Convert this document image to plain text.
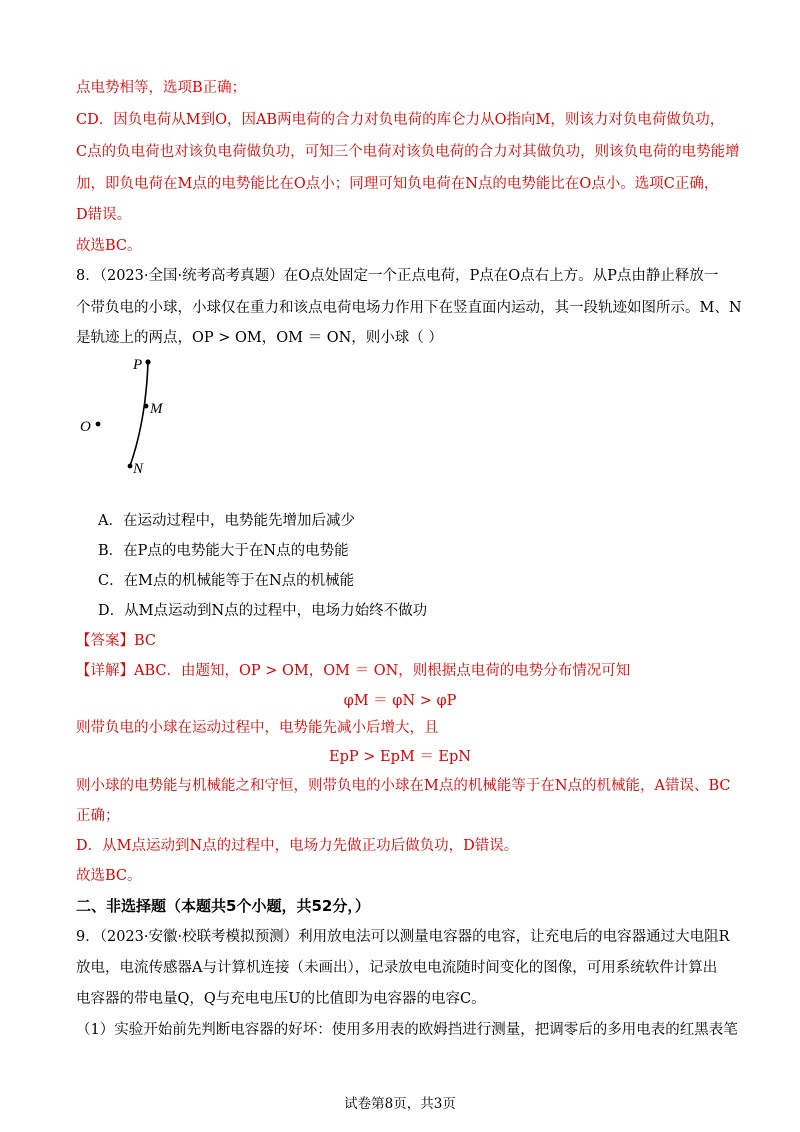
点电势相等，选项B正确；
CD．因负电荷从M到O，因AB两电荷的合力对负电荷的库仑力从O指向M，则该力对负电荷做负功，
C点的负电荷也对该负电荷做负功，可知三个电荷对该负电荷的合力对其做负功，则该负电荷的电势能增
加，即负电荷在M点的电势能比在O点小；同理可知负电荷在N点的电势能比在O点小。选项C正确，
D错误。
故选BC。
8．（2023·全国·统考高考真题）在O点处固定一个正点电荷，P点在O点右上方。从P点由静止释放一
个带负电的小球，小球仅在重力和该点电荷电场力作用下在竖直面内运动，其一段轨迹如图所示。M、N
是轨迹上的两点，OP > OM，OM ＝ ON，则小球（ ）
A．在运动过程中，电势能先增加后减少
B．在P点的电势能大于在N点的电势能
C．在M点的机械能等于在N点的机械能
D．从M点运动到N点的过程中，电场力始终不做功
【答案】BC
【详解】ABC．由题知，OP > OM，OM ＝ ON，则根据点电荷的电势分布情况可知
φM ＝ φN > φP
则带负电的小球在运动过程中，电势能先减小后增大，且
EpP > EpM ＝ EpN
则小球的电势能与机械能之和守恒，则带负电的小球在M点的机械能等于在N点的机械能，A错误、BC
正确；
D．从M点运动到N点的过程中，电场力先做正功后做负功，D错误。
故选BC。
二、非选择题（本题共5个小题，共52分，）
9．（2023·安徽·校联考模拟预测）利用放电法可以测量电容器的电容，让充电后的电容器通过大电阻R
放电，电流传感器A与计算机连接（未画出），记录放电电流随时间变化的图像，可用系统软件计算出
电容器的带电量Q，Q与充电电压U的比值即为电容器的电容C。
（1）实验开始前先判断电容器的好坏：使用多用表的欧姆挡进行测量，把调零后的多用电表的红黑表笔
P
M
N
O
试卷第8页，共3页
